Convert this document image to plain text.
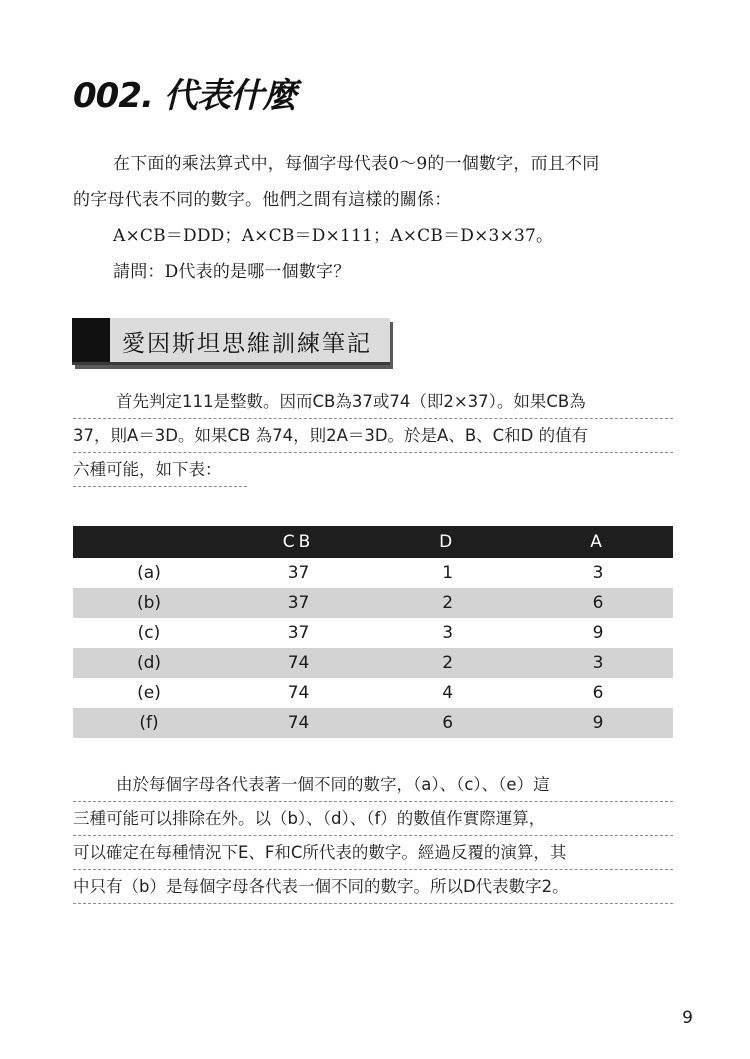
002. 代表什麼

在下面的乘法算式中，每個字母代表0～9的一個數字，而且不同

的字母代表不同的數字。他們之間有這樣的關係：

A×CB＝DDD；A×CB＝D×111；A×CB＝D×3×37。

請問：D代表的是哪一個數字？

愛因斯坦思維訓練筆記
首先判定111是整數。因而CB為37或74（即2×37）。如果CB為
37，則A＝3D。如果CB 為74，則2A＝3D。於是A、B、C和D 的值有
六種可能，如下表：
	CB	D	A
(a)	37	1	3
(b)	37	2	6
(c)	37	3	9
(d)	74	2	3
(e)	74	4	6
(f)	74	6	9
由於每個字母各代表著一個不同的數字，（a）、（c）、（e）這
三種可能可以排除在外。以（b）、（d）、（f）的數值作實際運算，
可以確定在每種情況下E、F和C所代表的數字。經過反覆的演算，其
中只有（b）是每個字母各代表一個不同的數字。所以D代表數字2。
9
